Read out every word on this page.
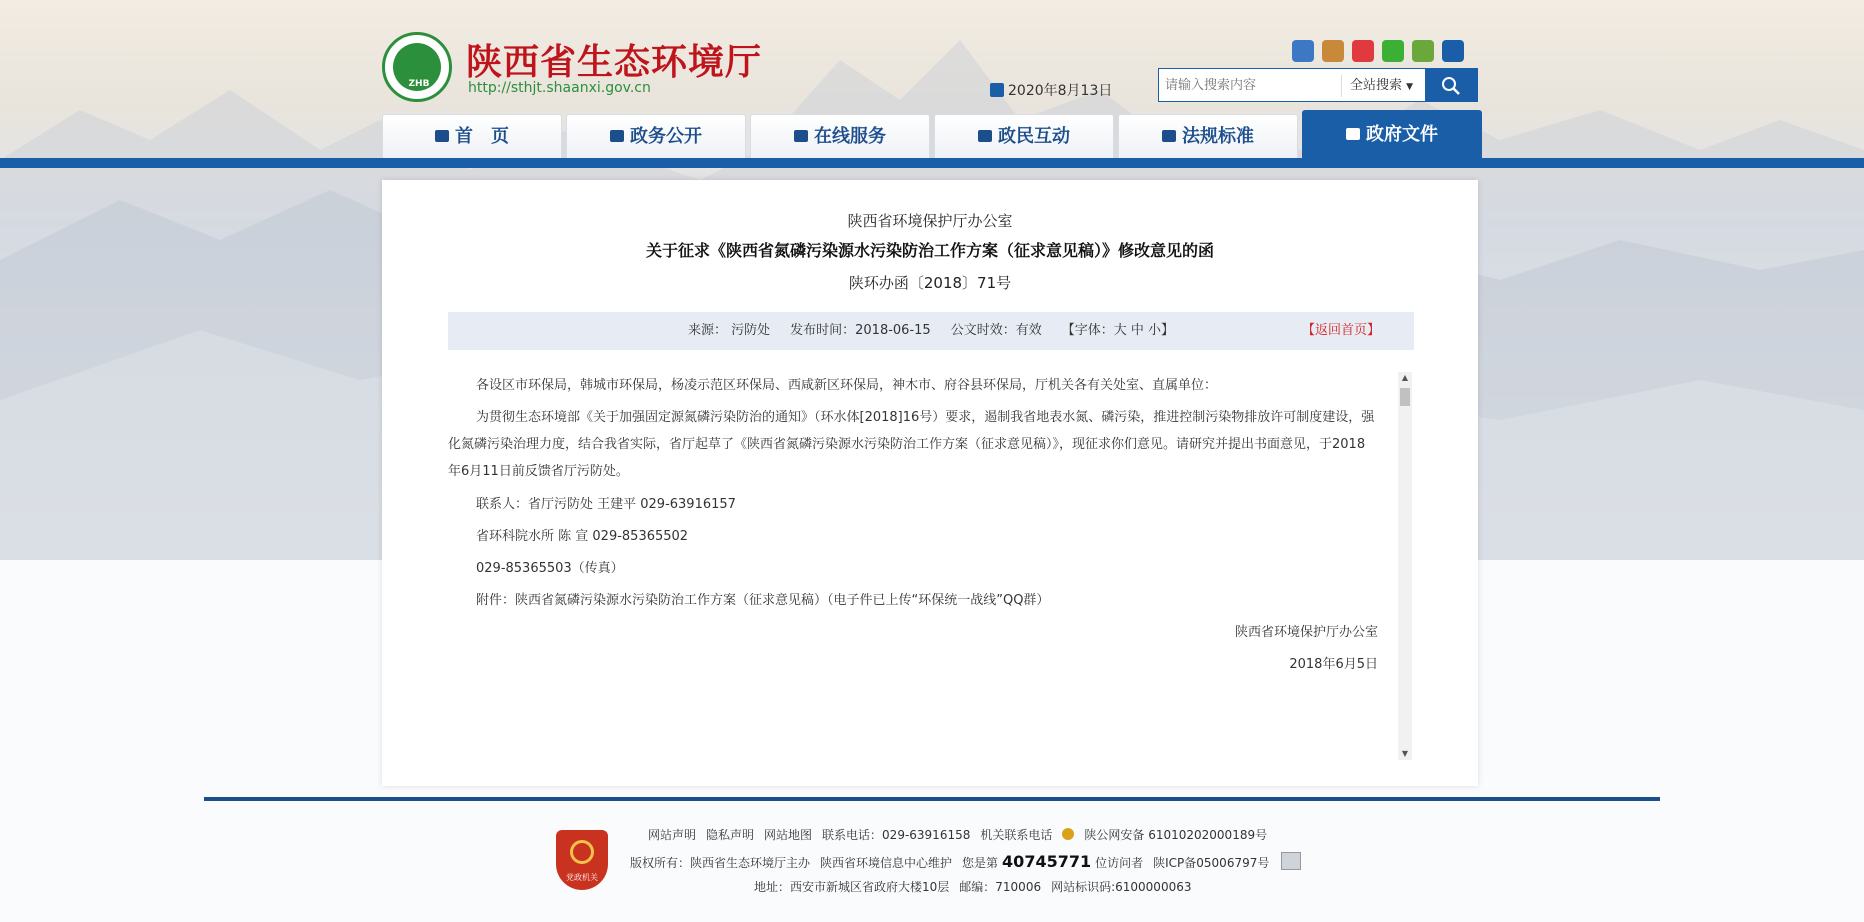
ZHB
陕西省生态环境厅
http://sthjt.shaanxi.gov.cn	2020年8月13日
请输入搜索内容	全站搜索 ▼
首　页	政务公开	在线服务	政民互动	法规标准	政府文件
陕西省环境保护厅办公室
关于征求《陕西省氮磷污染源水污染防治工作方案（征求意见稿）》修改意见的函
陕环办函〔2018〕71号
来源： 污防处 发布时间：2018-06-15 公文时效：有效 【字体：大 中 小】	【返回首页】

各设区市环保局，韩城市环保局，杨凌示范区环保局、西咸新区环保局，神木市、府谷县环保局，厅机关各有关处室、直属单位：

为贯彻生态环境部《关于加强固定源氮磷污染防治的通知》（环水体[2018]16号）要求，遏制我省地表水氮、磷污染，推进控制污染物排放许可制度建设，强化氮磷污染治理力度，结合我省实际，省厅起草了《陕西省氮磷污染源水污染防治工作方案（征求意见稿）》，现征求你们意见。请研究并提出书面意见，于2018年6月11日前反馈省厅污防处。

联系人：省厅污防处 王建平 029-63916157

省环科院水所 陈 宣 029-85365502

029-85365503（传真）

附件：陕西省氮磷污染源水污染防治工作方案（征求意见稿）（电子件已上传“环保统一战线”QQ群）

陕西省环境保护厅办公室

2018年6月5日

▲
▼
党政机关
网站声明 隐私声明 网站地图 联系电话：029-63916158 机关联系电话	陕公网安备 61010202000189号
版权所有：陕西省生态环境厅主办 陕西省环境信息中心维护 您是第 40745771 位访问者 陕ICP备05006797号
地址：西安市新城区省政府大楼10层 邮编：710006 网站标识码:6100000063
